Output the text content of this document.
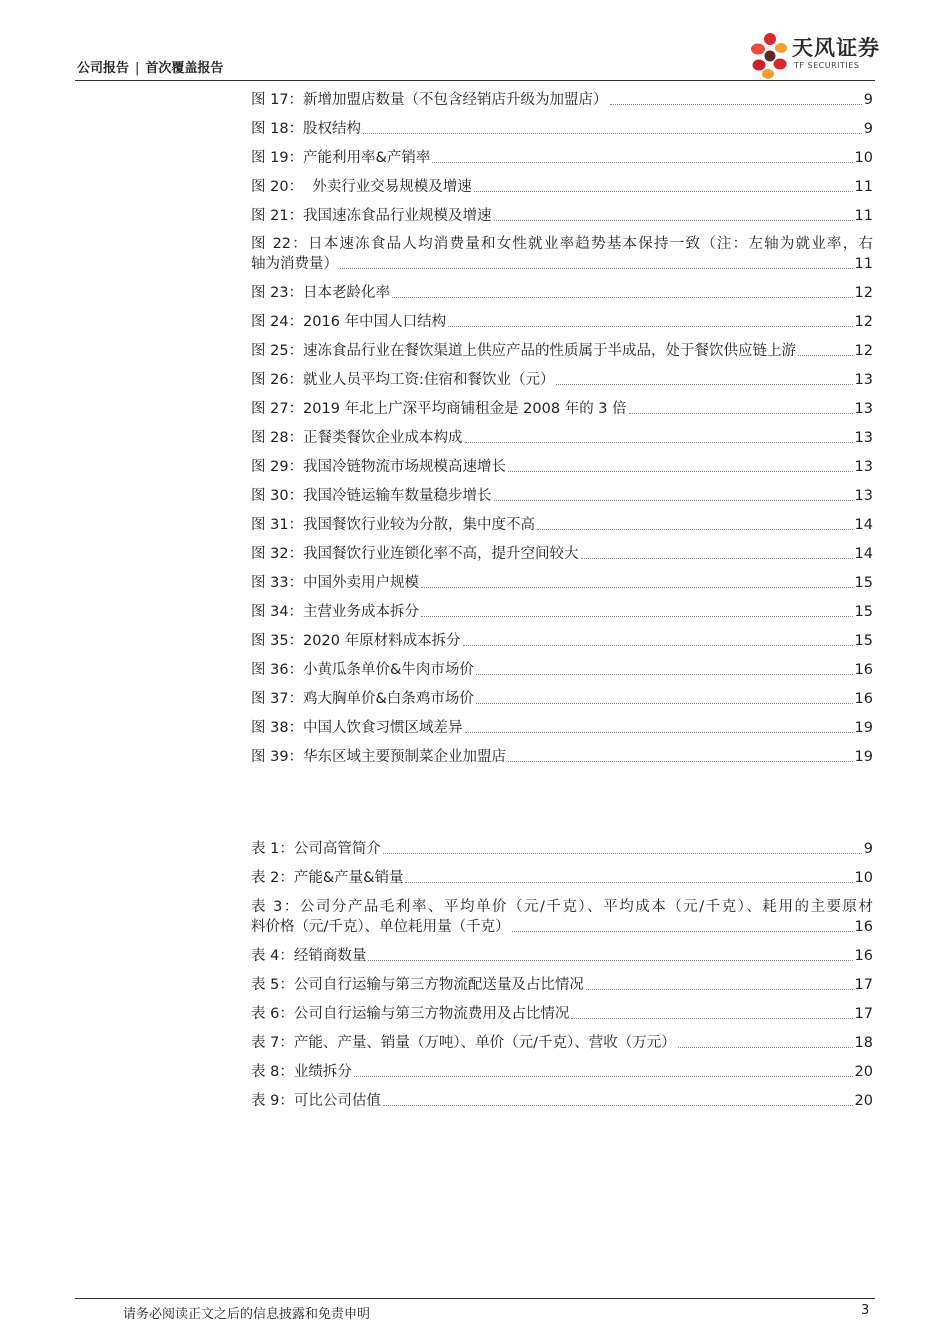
公司报告 | 首次覆盖报告
天风证券
TF SECURITIES
图 17：新增加盟店数量（不包含经销店升级为加盟店）	9
图 18：股权结构	9
图 19：产能利用率&产销率	10
图 20：  外卖行业交易规模及增速	11
图 21：我国速冻食品行业规模及增速	11
图 22：日本速冻食品人均消费量和女性就业率趋势基本保持一致（注：左轴为就业率，右
轴为消费量）	11
图 23：日本老龄化率	12
图 24：2016 年中国人口结构	12
图 25：速冻食品行业在餐饮渠道上供应产品的性质属于半成品，处于餐饮供应链上游	12
图 26：就业人员平均工资:住宿和餐饮业（元）	13
图 27：2019 年北上广深平均商铺租金是 2008 年的 3 倍	13
图 28：正餐类餐饮企业成本构成	13
图 29：我国冷链物流市场规模高速增长	13
图 30：我国冷链运输车数量稳步增长	13
图 31：我国餐饮行业较为分散，集中度不高	14
图 32：我国餐饮行业连锁化率不高，提升空间较大	14
图 33：中国外卖用户规模	15
图 34：主营业务成本拆分	15
图 35：2020 年原材料成本拆分	15
图 36：小黄瓜条单价&牛肉市场价	16
图 37：鸡大胸单价&白条鸡市场价	16
图 38：中国人饮食习惯区域差异	19
图 39：华东区域主要预制菜企业加盟店	19
表 1：公司高管简介	9
表 2：产能&产量&销量	10
表 3：公司分产品毛利率、平均单价（元/千克）、平均成本（元/千克）、耗用的主要原材
料价格（元/千克）、单位耗用量（千克）	16
表 4：经销商数量	16
表 5：公司自行运输与第三方物流配送量及占比情况	17
表 6：公司自行运输与第三方物流费用及占比情况	17
表 7：产能、产量、销量（万吨）、单价（元/千克）、营收（万元）	18
表 8：业绩拆分	20
表 9：可比公司估值	20
请务必阅读正文之后的信息披露和免责申明	3
